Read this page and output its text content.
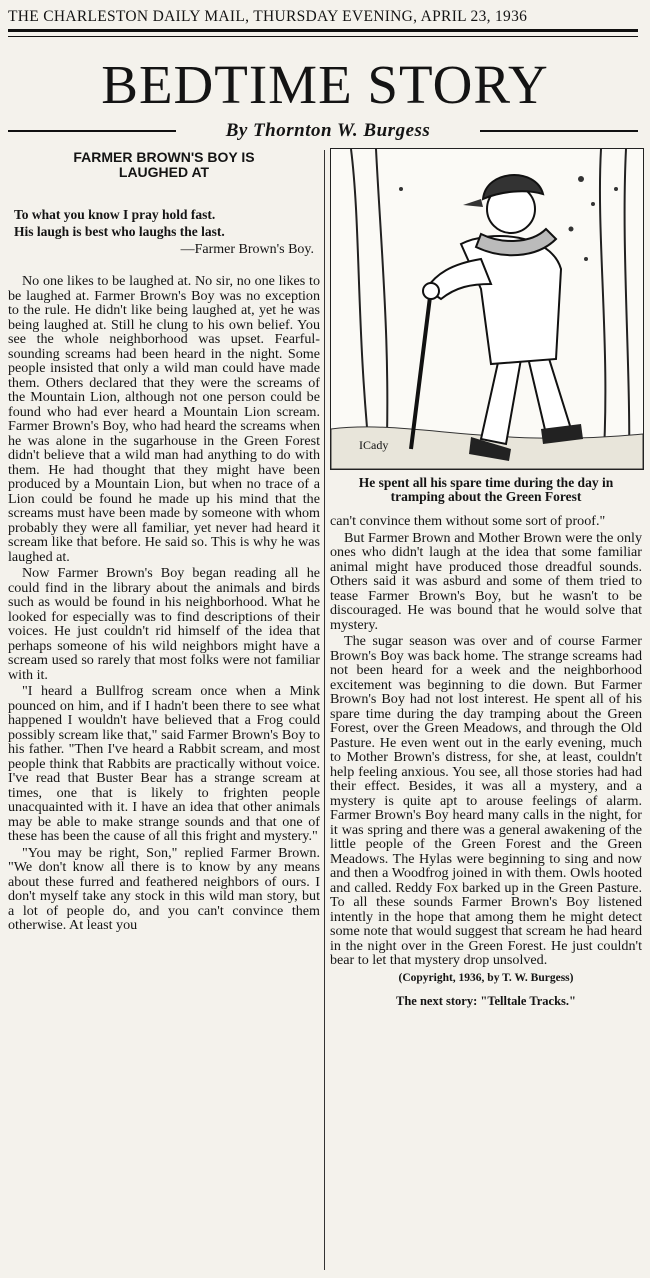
THE CHARLESTON DAILY MAIL, THURSDAY EVENING, APRIL 23, 1936
BEDTIME STORY
By Thornton W. Burgess
FARMER BROWN'S BOY IS
LAUGHED AT

To what you know I pray hold fast.

His laugh is best who laughs the last.

—Farmer Brown's Boy.

No one likes to be laughed at. No sir, no one likes to be laughed at. Farmer Brown's Boy was no exception to the rule. He didn't like being laughed at, yet he was being laughed at. Still he clung to his own belief. You see the whole neighborhood was upset. Fearful-sounding screams had been heard in the night. Some people insisted that only a wild man could have made them. Others declared that they were the screams of the Mountain Lion, although not one person could be found who had ever heard a Mountain Lion scream. Farmer Brown's Boy, who had heard the screams when he was alone in the sugarhouse in the Green Forest didn't believe that a wild man had anything to do with them. He had thought that they might have been produced by a Mountain Lion, but when no trace of a Lion could be found he made up his mind that the screams must have been made by someone with whom probably they were all familiar, yet never had heard it scream like that before. He said so. This is why he was laughed at.

Now Farmer Brown's Boy began reading all he could find in the library about the animals and birds such as would be found in his neighborhood. What he looked for especially was to find descriptions of their voices. He just couldn't rid himself of the idea that perhaps someone of his wild neighbors might have a scream used so rarely that most folks were not familiar with it.

"I heard a Bullfrog scream once when a Mink pounced on him, and if I hadn't been there to see what happened I wouldn't have believed that a Frog could possibly scream like that," said Farmer Brown's Boy to his father. "Then I've heard a Rabbit scream, and most people think that Rabbits are practically without voice. I've read that Buster Bear has a strange scream at times, one that is likely to frighten people unacquainted with it. I have an idea that other animals may be able to make strange sounds and that one of these has been the cause of all this fright and mystery."

"You may be right, Son," replied Farmer Brown. "We don't know all there is to know by any means about these furred and feathered neighbors of ours. I don't myself take any stock in this wild man story, but a lot of people do, and you can't convince them otherwise. At least you

ICady
He spent all his spare time during the day in tramping about the Green Forest

can't convince them without some sort of proof."

But Farmer Brown and Mother Brown were the only ones who didn't laugh at the idea that some familiar animal might have produced those dreadful sounds. Others said it was asburd and some of them tried to tease Farmer Brown's Boy, but he wasn't to be discouraged. He was bound that he would solve that mystery.

The sugar season was over and of course Farmer Brown's Boy was back home. The strange screams had not been heard for a week and the neighborhood excitement was beginning to die down. But Farmer Brown's Boy had not lost interest. He spent all of his spare time during the day tramping about the Green Forest, over the Green Meadows, and through the Old Pasture. He even went out in the early evening, much to Mother Brown's distress, for she, at least, couldn't help feeling anxious. You see, all those stories had had their effect. Besides, it was all a mystery, and a mystery is quite apt to arouse feelings of alarm. Farmer Brown's Boy heard many calls in the night, for it was spring and there was a general awakening of the little people of the Green Forest and the Green Meadows. The Hylas were beginning to sing and now and then a Woodfrog joined in with them. Owls hooted and called. Reddy Fox barked up in the Green Pasture. To all these sounds Farmer Brown's Boy listened intently in the hope that among them he might detect some note that would suggest that scream he had heard in the night over in the Green Forest. He just couldn't bear to let that mystery drop unsolved.

(Copyright, 1936, by T. W. Burgess)
The next story: "Telltale Tracks."
